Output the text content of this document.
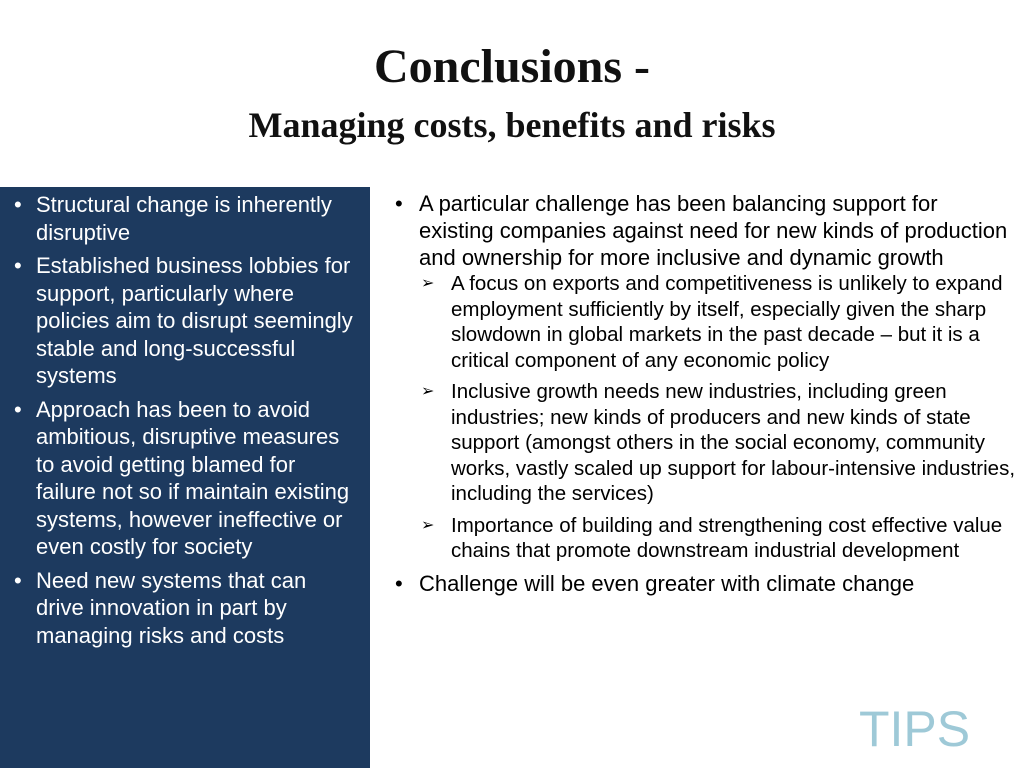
Conclusions -
Managing costs, benefits and risks
• Structural change is inherently disruptive
• Established business lobbies for support, particularly where policies aim to disrupt seemingly stable and long-successful systems
• Approach has been to avoid ambitious, disruptive measures to avoid getting blamed for failure not so if maintain existing systems, however ineffective or even costly for society
• Need new systems that can drive innovation in part by managing risks and costs
• A particular challenge has been balancing support for existing companies against need for new kinds of production and ownership for more inclusive and dynamic growth
➢ A focus on exports and competitiveness is unlikely to expand employment sufficiently by itself, especially given the sharp slowdown in global markets in the past decade – but it is a critical component of any economic policy
➢ Inclusive growth needs new industries, including green industries; new kinds of producers and new kinds of state support (amongst others in the social economy, community works, vastly scaled up support for labour-intensive industries, including the services)
➢ Importance of building and strengthening cost effective value chains that promote downstream industrial development
• Challenge will be even greater with climate change
TIPS
